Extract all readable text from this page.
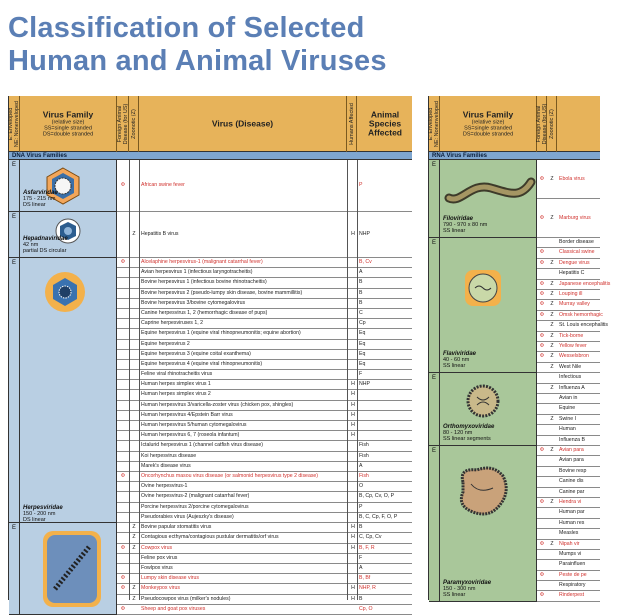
Classification of Selected
Human and Animal Viruses
E: Enveloped
NE: Nonenveloped	Virus Family
(relative size)
SS=single stranded
DS=double stranded	Foreign Animal
Disease (for US)
Zoonotic (Z)	Virus (Disease)	Humans Affected	Animal
Species
Affected
DNA Virus Families
E
Asfarviridae
175 - 215 nm
DS linear
Φ	African swine fever	P
E
Hepadnaviridae
42 nm
partial DS circular
Z	Hepatitis B virus	H NHP
E
Herpesviridae
150 - 200 nm
DS linear
Φ	Alcelaphine herpesvirus-1 (malignant catarrhal fever)	B, Cv
Avian herpesvirus 1 (infectious laryngotracheitis)	A
Bovine herpesvirus 1 (infectious bovine rhinotracheitis)	B
Bovine herpesvirus 2 (pseudo-lumpy skin disease, bovine mammillitis)	B
Bovine herpesvirus 3/bovine cytomegalovirus	B
Canine herpesvirus 1, 2 (hemorrhagic disease of pups)	C
Caprine herpesviruses 1, 2	Cp
Equine herpesvirus 1 (equine viral rhinopneumonitis; equine abortion)	Eq
Equine herpesvirus 2	Eq
Equine herpesvirus 3 (equine coital exanthema)	Eq
Equine herpesvirus 4 (equine viral rhinopneumonitis)	Eq
Feline viral rhinotracheitis virus	F
Human herpes simplex virus 1	H NHP
Human herpes simplex virus 2	H
Human herpesvirus 3/varicella-zoster virus (chicken pox, shingles)	H
Human herpesvirus 4/Epstein Barr virus	H
Human herpesvirus 5/human cytomegalovirus	H
Human herpesvirus 6, 7 (roseola infantum)	H
Ictalurid herpesvirus 1 (channel catfish virus disease)	Fish
Koi herpesvirus disease	Fish
Marek's disease virus	A
Φ	Oncorhynchus masou virus disease (or salmonid herpesvirus type 2 disease)	Fish
Ovine herpesvirus-1	O
Ovine herpesvirus-2 (malignant catarrhal fever)	B, Cp, Cv, O, P
Porcine herpesvirus 2/porcine cytomegalovirus	P
Pseudorabies virus (Aujeszky's disease)	B, C, Cp, F, O, P
E	Z	Bovine papular stomatitis virus	H B
Z	Contagious ecthyma/contagious pustular dermatitis/orf virus	H C, Cp, Cv
Φ	Z	Cowpox virus	H B, F, R
Feline pox virus	F
Fowlpox virus	A
Φ	Lumpy skin disease virus	B, Bf
Φ	Z	Monkeypox virus	H NHP, R
Z	Pseudocowpox virus (milker's nodules)	H B
Φ	Sheep and goat pox viruses	Cp, O
E: Enveloped
NE: Nonenveloped	Virus Family
(relative size)
SS=single stranded
DS=double stranded	Foreign Animal
Disease (for US)
Zoonotic (Z)
RNA Virus Families
E
Filoviridae
790 - 970 x 80 nm
SS linear
Φ	Z	Ebola virus
Φ	Z	Marburg virus
E
Flaviviridae
40 - 60 nm
SS linear
Border disease
Φ	Classical swine
Φ	Z	Dengue virus
Hepatitis C
Φ	Z	Japanese encephalitis
Φ	Z	Louping ill
Φ	Z	Murray valley
Φ	Z	Omsk hemorrhagic
Z	St. Louis encephalitis
Φ	Z	Tick-borne
Φ	Z	Yellow fever
Φ	Z	Wesselsbron
Z	West Nile
E
Orthomyxoviridae
80 - 120 nm
SS linear segments
Infectious
Z	Influenza A
Avian in
Equine
Z	Swine I
Human
Influenza B
E
Paramyxoviridae
150 - 300 nm
SS linear
Φ	Z	Avian para
Avian para
Bovine resp
Canine dis
Canine par
Φ	Z	Hendra vi
Human par
Human res
Measles
Φ	Z	Nipah vir
Mumps vi
Parainfluen
Φ	Peste de pe
Respiratory
Φ	Rinderpest
